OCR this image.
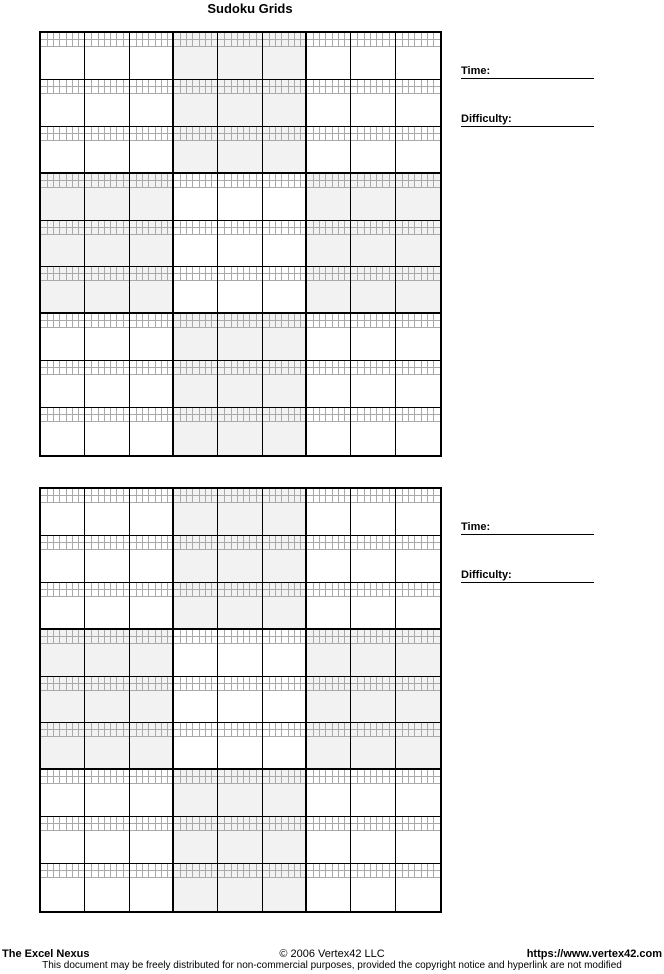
Sudoku Grids
Time:
Difficulty:
Time:
Difficulty:
The Excel Nexus	© 2006 Vertex42 LLC	https://www.vertex42.com
This document may be freely distributed for non-commercial purposes, provided the copyright notice and hyperlink are not modified
